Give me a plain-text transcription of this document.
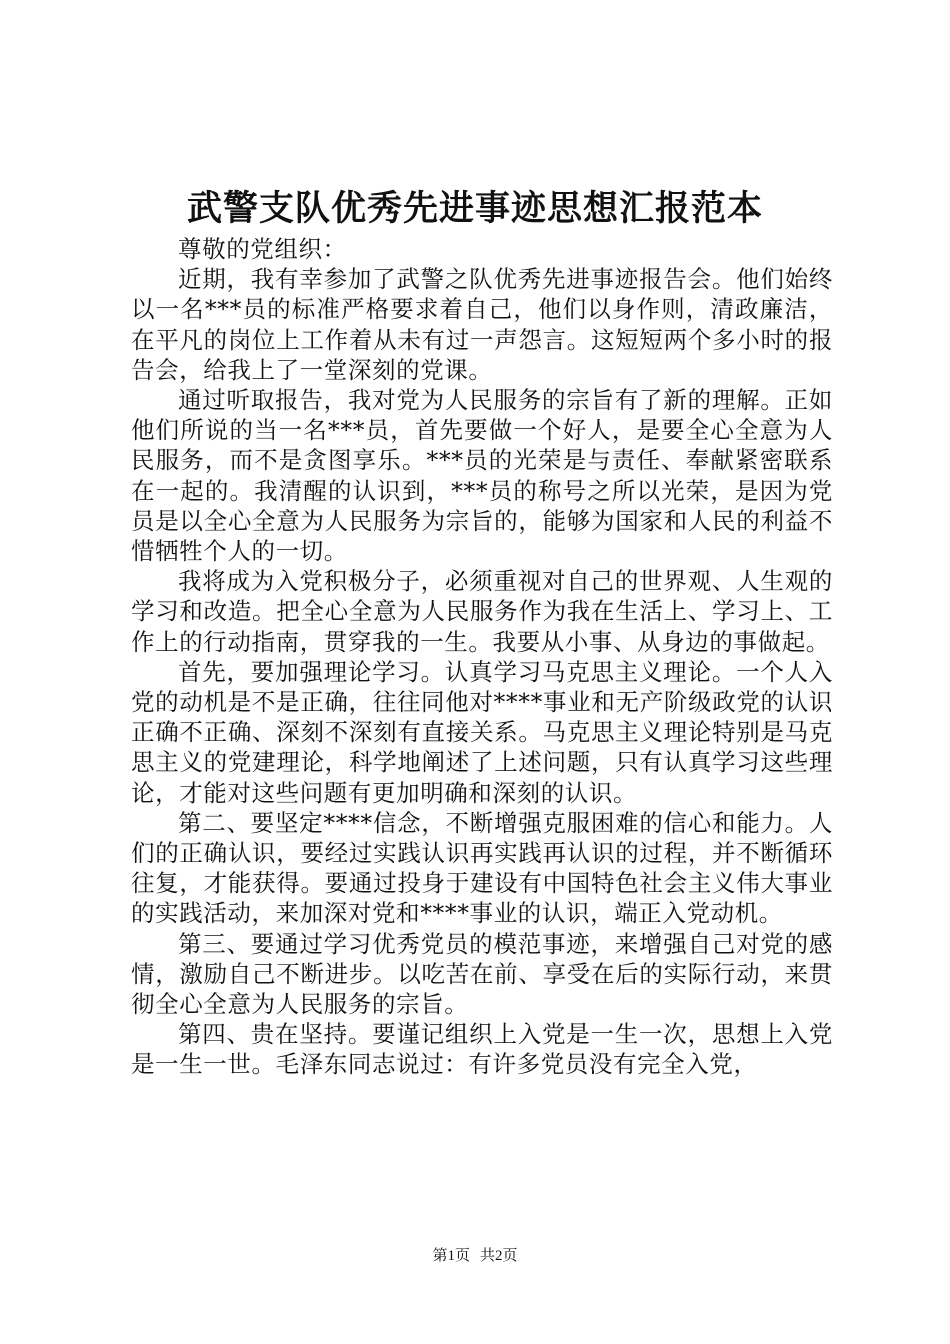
武警支队优秀先进事迹思想汇报范本

尊敬的党组织：

近期，我有幸参加了武警之队优秀先进事迹报告会。他们始终以一名***员的标准严格要求着自己，他们以身作则，清政廉洁，在平凡的岗位上工作着从未有过一声怨言。这短短两个多小时的报告会，给我上了一堂深刻的党课。

通过听取报告，我对党为人民服务的宗旨有了新的理解。正如他们所说的当一名***员，首先要做一个好人，是要全心全意为人民服务，而不是贪图享乐。***员的光荣是与责任、奉献紧密联系在一起的。我清醒的认识到，***员的称号之所以光荣，是因为党员是以全心全意为人民服务为宗旨的，能够为国家和人民的利益不惜牺牲个人的一切。

我将成为入党积极分子，必须重视对自己的世界观、人生观的学习和改造。把全心全意为人民服务作为我在生活上、学习上、工作上的行动指南，贯穿我的一生。我要从小事、从身边的事做起。

首先，要加强理论学习。认真学习马克思主义理论。一个人入党的动机是不是正确，往往同他对****事业和无产阶级政党的认识正确不正确、深刻不深刻有直接关系。马克思主义理论特别是马克思主义的党建理论，科学地阐述了上述问题，只有认真学习这些理论，才能对这些问题有更加明确和深刻的认识。

第二、要坚定****信念，不断增强克服困难的信心和能力。人们的正确认识，要经过实践认识再实践再认识的过程，并不断循环往复，才能获得。要通过投身于建设有中国特色社会主义伟大事业的实践活动，来加深对党和****事业的认识，端正入党动机。

第三、要通过学习优秀党员的模范事迹，来增强自己对党的感情，激励自己不断进步。以吃苦在前、享受在后的实际行动，来贯彻全心全意为人民服务的宗旨。

第四、贵在坚持。要谨记组织上入党是一生一次，思想上入党是一生一世。毛泽东同志说过：有许多党员没有完全入党，

第1页 共2页
